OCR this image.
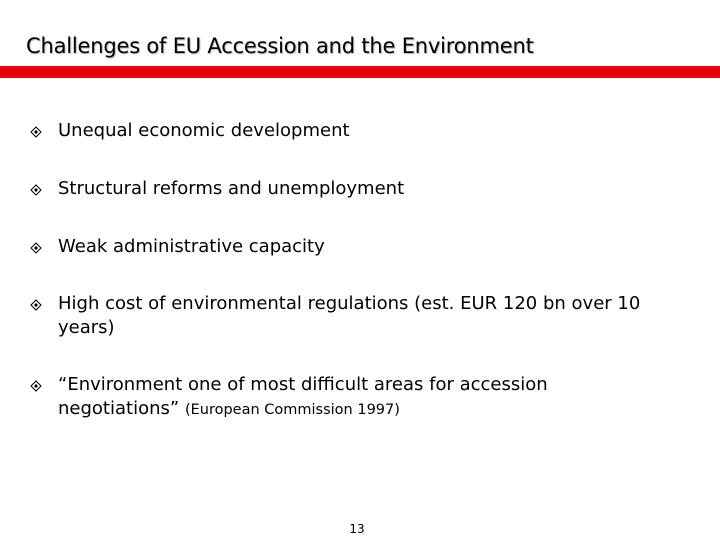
Challenges of EU Accession and the Environment
Unequal economic development
Structural reforms and unemployment
Weak administrative capacity
High cost of environmental regulations (est. EUR 120 bn over 10 years)
“Environment one of most difficult areas for accession negotiations” (European Commission 1997)
13
